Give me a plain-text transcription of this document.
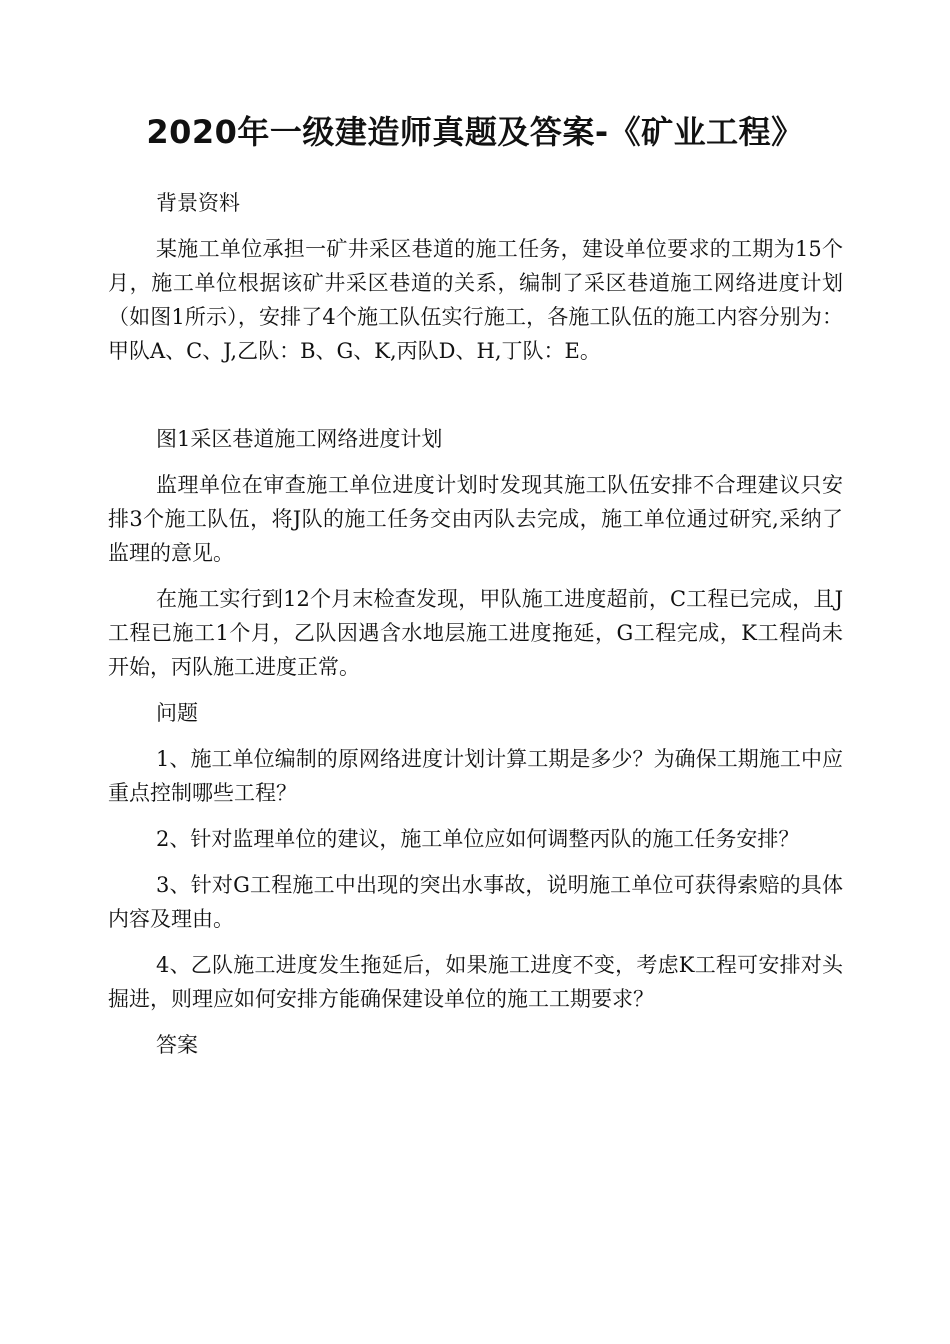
2020年一级建造师真题及答案-《矿业工程》

背景资料

某施工单位承担一矿井采区巷道的施工任务，建设单位要求的工期为15个月，施工单位根据该矿井采区巷道的关系，编制了采区巷道施工网络进度计划（如图1所示），安排了4个施工队伍实行施工，各施工队伍的施工内容分别为：甲队A、C、J,乙队：B、G、K,丙队D、H,丁队：E。

图1采区巷道施工网络进度计划

监理单位在审查施工单位进度计划时发现其施工队伍安排不合理建议只安排3个施工队伍，将J队的施工任务交由丙队去完成，施工单位通过研究,采纳了监理的意见。

在施工实行到12个月末检查发现，甲队施工进度超前，C工程已完成，且J工程已施工1个月，乙队因遇含水地层施工进度拖延，G工程完成，K工程尚未开始，丙队施工进度正常。

问题

1、施工单位编制的原网络进度计划计算工期是多少？为确保工期施工中应重点控制哪些工程？

2、针对监理单位的建议，施工单位应如何调整丙队的施工任务安排？

3、针对G工程施工中出现的突出水事故，说明施工单位可获得索赔的具体内容及理由。

4、乙队施工进度发生拖延后，如果施工进度不变，考虑K工程可安排对头掘进，则理应如何安排方能确保建设单位的施工工期要求？

答案
